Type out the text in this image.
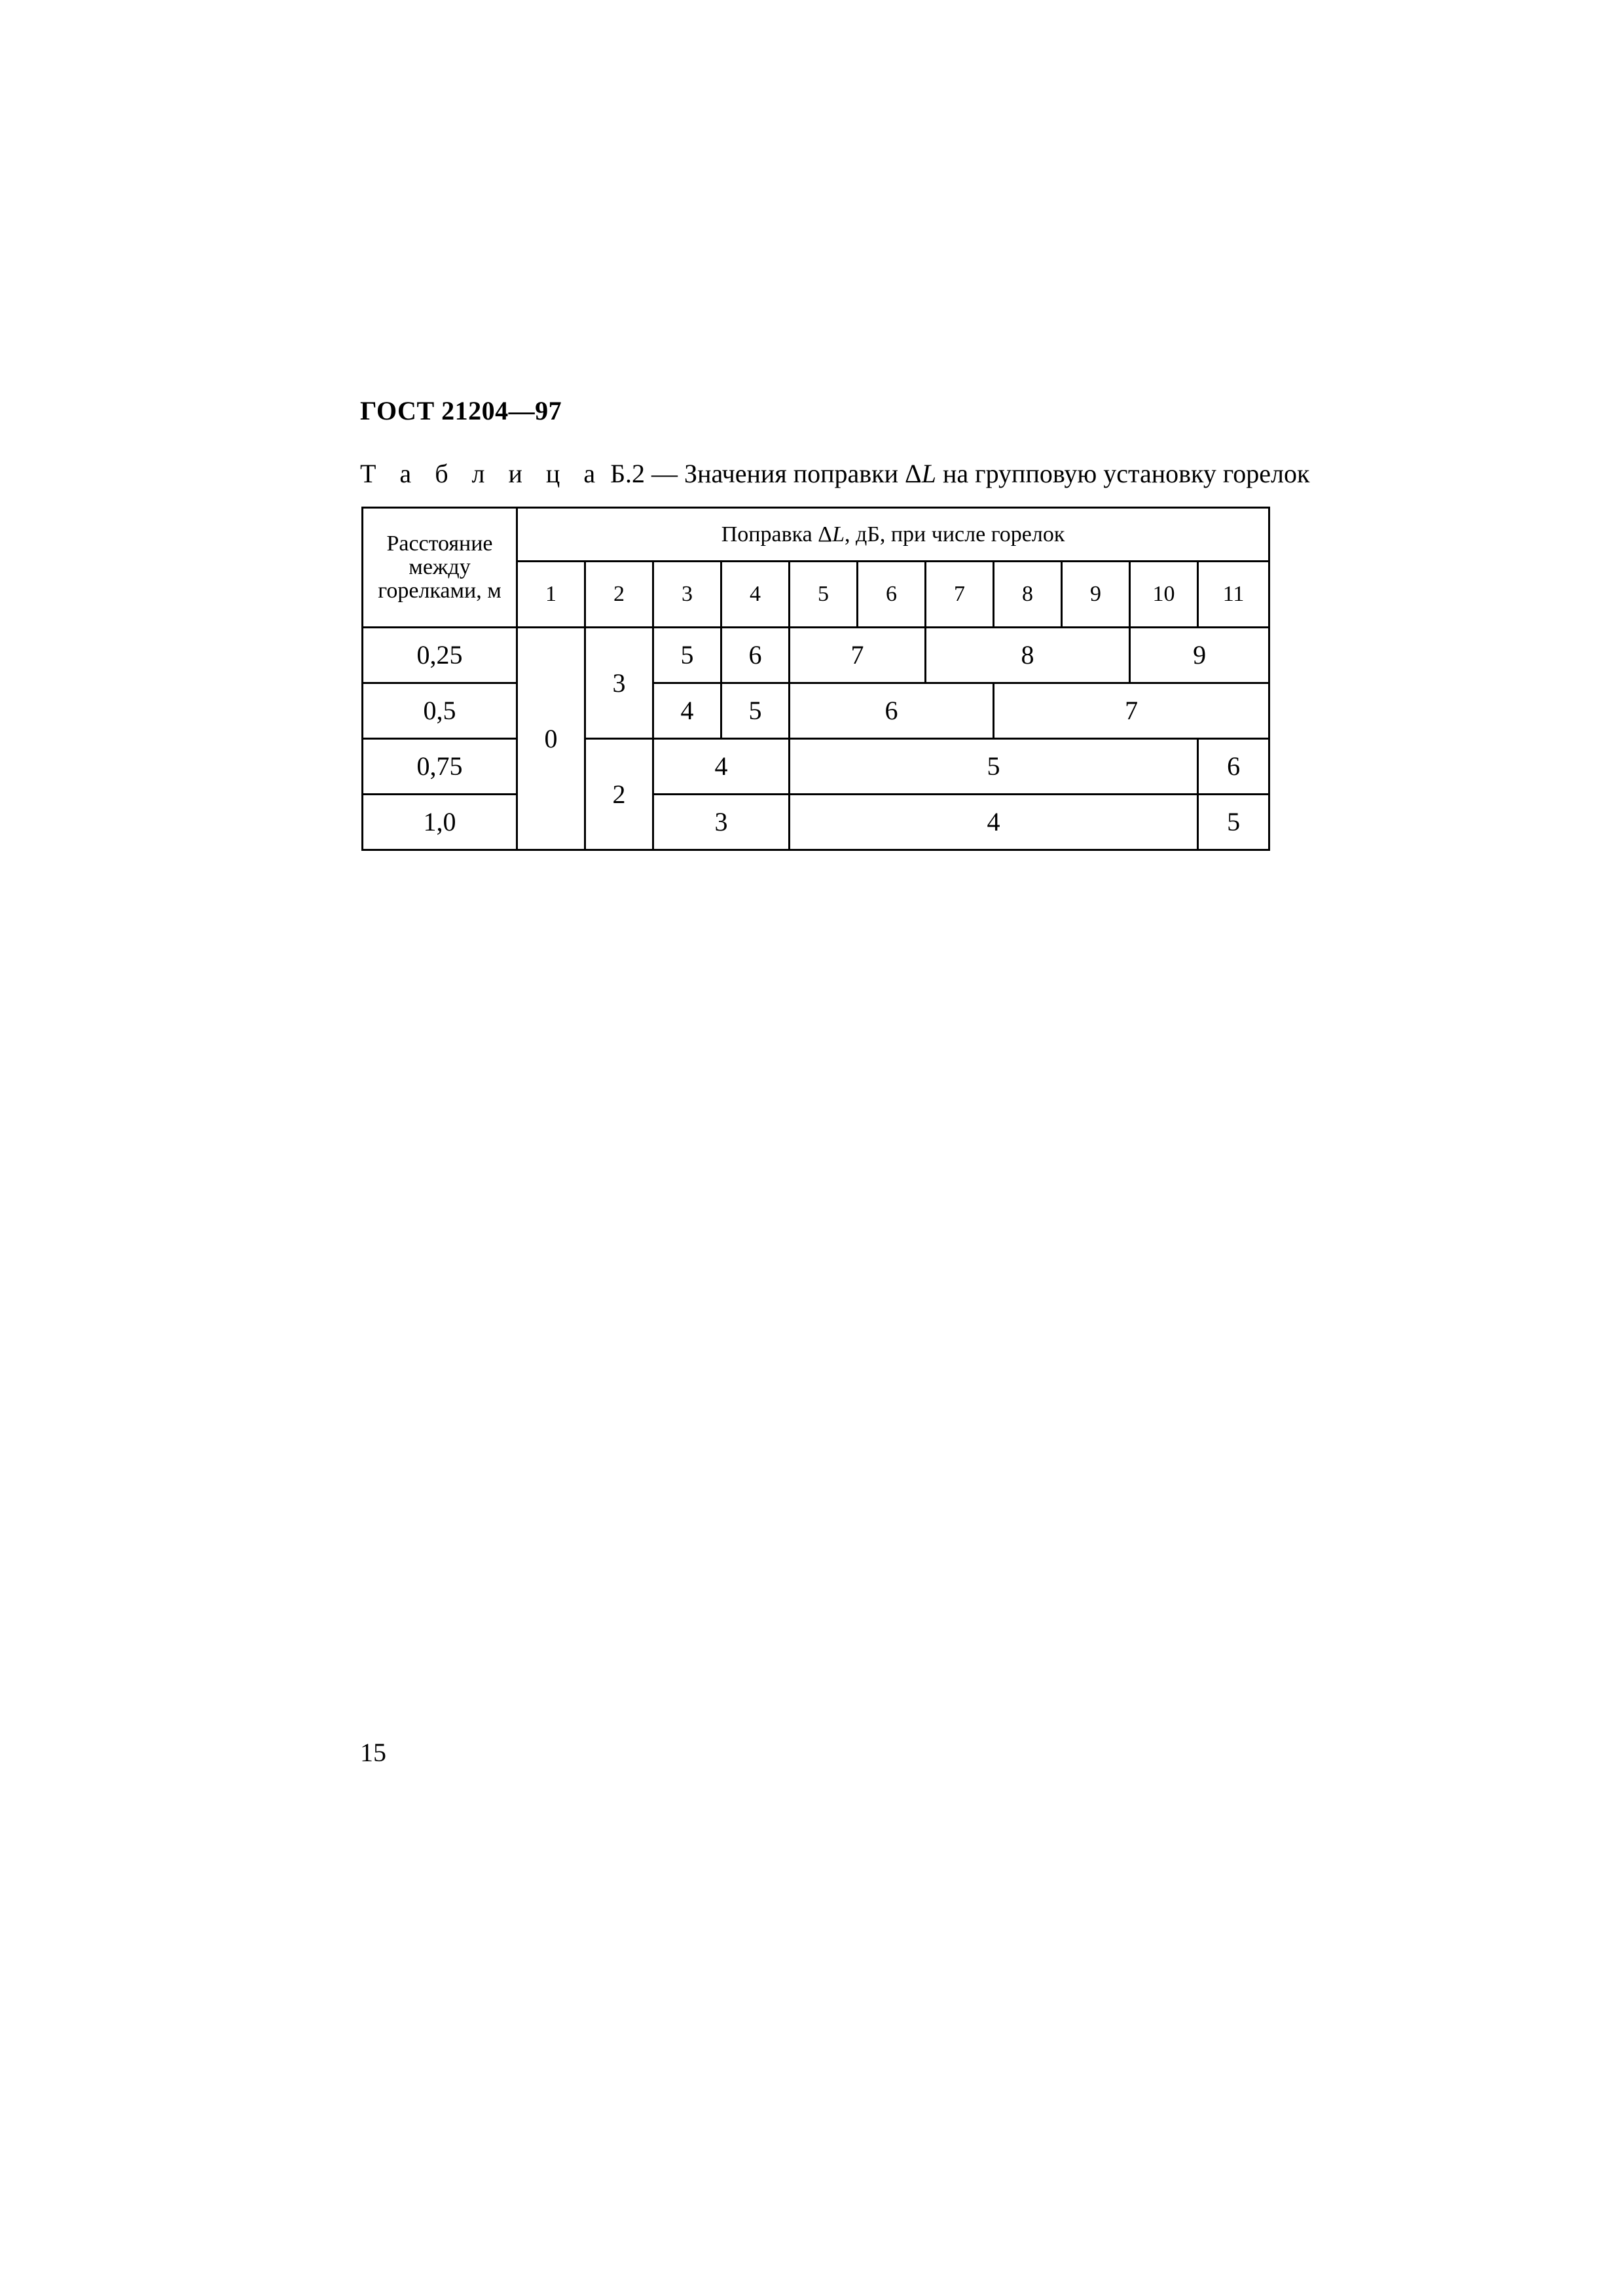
ГОСТ 21204—97
Т а б л и ц а Б.2 — Значения поправки ΔL на групповую установку горелок
Расстояние
между
горелками, м	Поправка ΔL, дБ, при числе горелок										
	1	2	3	4	5	6	7	8	9	10	11
0,25	0	3	5	6	7		8			9	
0,5			4	5	6			7			
0,75		2	4		5						6
1,0			3		4						5
15
